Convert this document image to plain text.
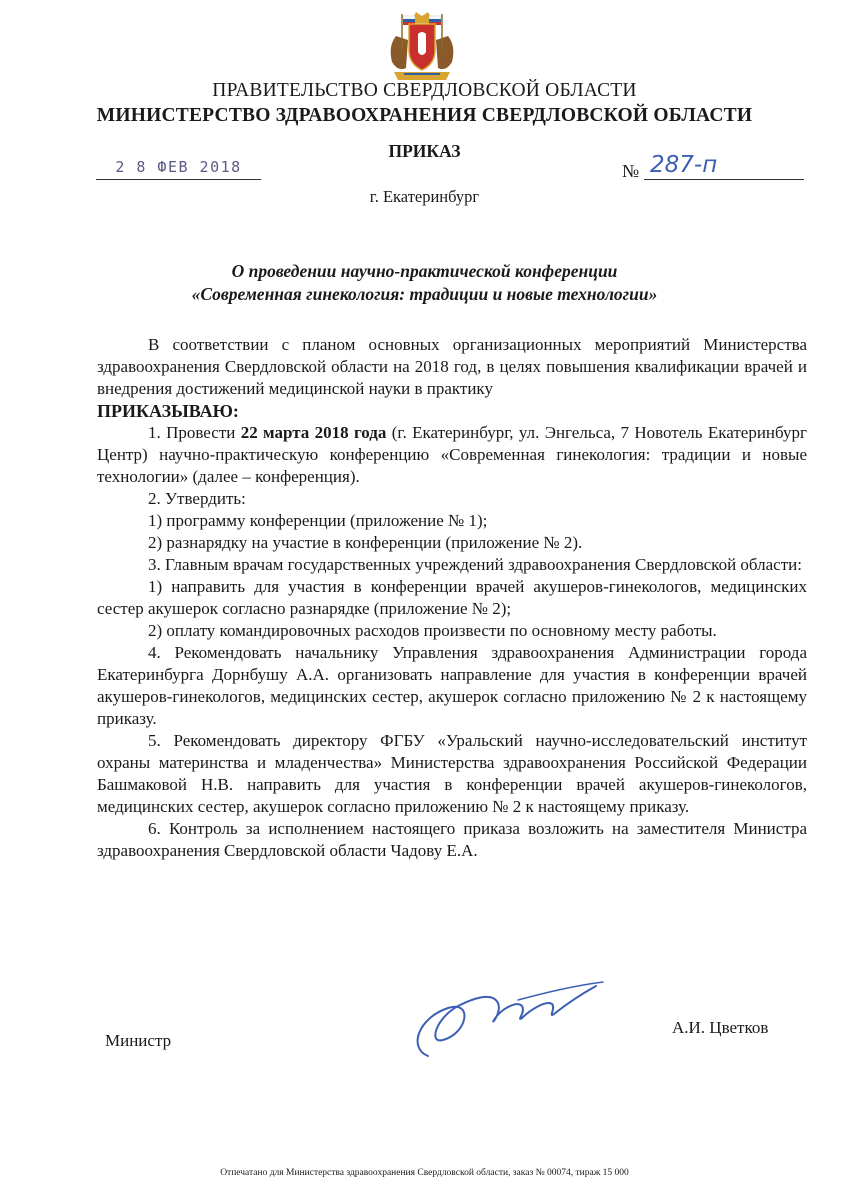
ПРАВИТЕЛЬСТВО СВЕРДЛОВСКОЙ ОБЛАСТИ
МИНИСТЕРСТВО ЗДРАВООХРАНЕНИЯ СВЕРДЛОВСКОЙ ОБЛАСТИ
ПРИКАЗ
2 8 ФЕВ 2018	№ 287-п
г. Екатеринбург
О проведении научно-практической конференции
«Современная гинекология: традиции и новые технологии»

В соответствии с планом основных организационных мероприятий Министерства здравоохранения Свердловской области на 2018 год, в целях повышения квалификации врачей и внедрения достижений медицинской науки в практику

ПРИКАЗЫВАЮ:

1. Провести 22 марта 2018 года (г. Екатеринбург, ул. Энгельса, 7 Новотель Екатеринбург Центр) научно-практическую конференцию «Современная гинекология: традиции и новые технологии» (далее – конференция).

2. Утвердить:

1) программу конференции (приложение № 1);

2) разнарядку на участие в конференции (приложение № 2).

3. Главным врачам государственных учреждений здравоохранения Свердловской области:

1) направить для участия в конференции врачей акушеров-гинекологов, медицинских сестер акушерок согласно разнарядке (приложение № 2);

2) оплату командировочных расходов произвести по основному месту работы.

4. Рекомендовать начальнику Управления здравоохранения Администрации города Екатеринбурга Дорнбушу А.А. организовать направление для участия в конференции врачей акушеров-гинекологов, медицинских сестер, акушерок согласно приложению № 2 к настоящему приказу.

5. Рекомендовать директору ФГБУ «Уральский научно-исследовательский институт охраны материнства и младенчества» Министерства здравоохранения Российской Федерации Башмаковой Н.В. направить для участия в конференции врачей акушеров-гинекологов, медицинских сестер, акушерок согласно приложению № 2 к настоящему приказу.

6. Контроль за исполнением настоящего приказа возложить на заместителя Министра здравоохранения Свердловской области Чадову Е.А.

Министр
А.И. Цветков
Отпечатано для Министерства здравоохранения Свердловской области, заказ № 00074, тираж 15 000
